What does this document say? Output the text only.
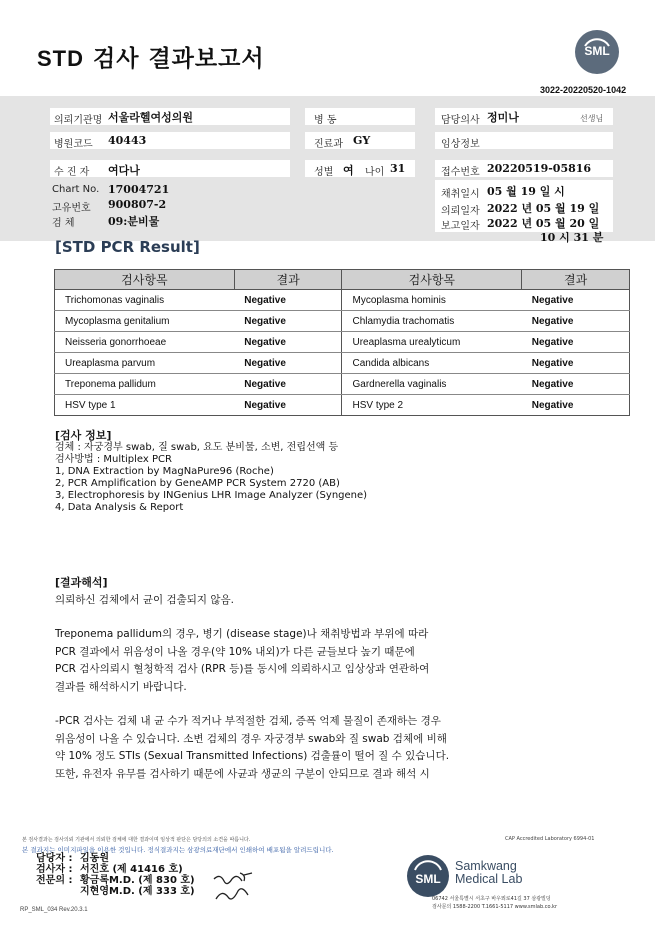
STD 검사 결과보고서	SML
3022-20220520-1042
의뢰기관명 서울라헬여성의원	병 동	담당의사 정미나	선생님
병원코드 40443	진료과 GY	임상정보
수 진 자 여다나	성별 여 나이 31	접수번호 20220519-05816
Chart No. 17004721
고유번호 900807-2
검 체	09:분비물
채취일시 05 월 19 일 시
의뢰일자 2022 년 05 월 19 일
보고일자 2022 년 05 월 20 일
10 시 31 분
[STD PCR Result]
검사항목	결과	검사항목	결과
Trichomonas vaginalis	Negative	Mycoplasma hominis	Negative
Mycoplasma genitalium	Negative	Chlamydia trachomatis	Negative
Neisseria gonorrhoeae	Negative	Ureaplasma urealyticum	Negative
Ureaplasma parvum	Negative	Candida albicans	Negative
Treponema pallidum	Negative	Gardnerella vaginalis	Negative
HSV type 1	Negative	HSV type 2	Negative
[검사 정보]
검체 : 자궁경부 swab, 질 swab, 요도 분비물, 소변, 전립선액 등
검사방법 : Multiplex PCR
1, DNA Extraction by MagNaPure96 (Roche)
2, PCR Amplification by GeneAMP PCR System 2720 (AB)
3, Electrophoresis by INGenius LHR Image Analyzer (Syngene)
4, Data Analysis & Report

[결과해석]

의뢰하신 검체에서 균이 검출되지 않음.

Treponema pallidum의 경우, 병기 (disease stage)나 채취방법과 부위에 따라

PCR 결과에서 위음성이 나올 경우(약 10% 내외)가 다른 균들보다 높기 때문에

PCR 검사의뢰시 혈청학적 검사 (RPR 등)를 동시에 의뢰하시고 임상상과 연관하여

결과를 해석하시기 바랍니다.

-PCR 검사는 검체 내 균 수가 적거나 부적절한 검체, 증폭 억제 물질이 존재하는 경우

위음성이 나올 수 있습니다. 소변 검체의 경우 자궁경부 swab와 질 swab 검체에 비해

약 10% 정도 STIs (Sexual Transmitted Infections) 검출률이 떨어 질 수 있습니다.

또한, 유전자 유무를 검사하기 때문에 사균과 생균의 구분이 안되므로 결과 해석 시

본 검사결과는 검사의뢰 기관에서 의뢰한 검체에 대한 결과이며 임상적 판단은 담당의의 소견을 따릅니다.	CAP Accredited Laboratory 6994-01
본 결과지는 이미지파일을 이용한 것입니다. 정식결과지는 삼광의료재단에서 인쇄하여 배포됨을 알려드립니다.
담당자 : 김동원
검사자 : 서진호 (제 41416 호)
전문의 : 황금록M.D. (제 830 호)
지현영M.D. (제 333 호)
SML
Samkwang
Medical Lab
06742 서울특별시 서초구 바우뫼로41길 37 삼광빌딩
검사문의 1588-2200 T.1661-5117 www.smlab.co.kr
RP_SML_034 Rev.20.3.1
